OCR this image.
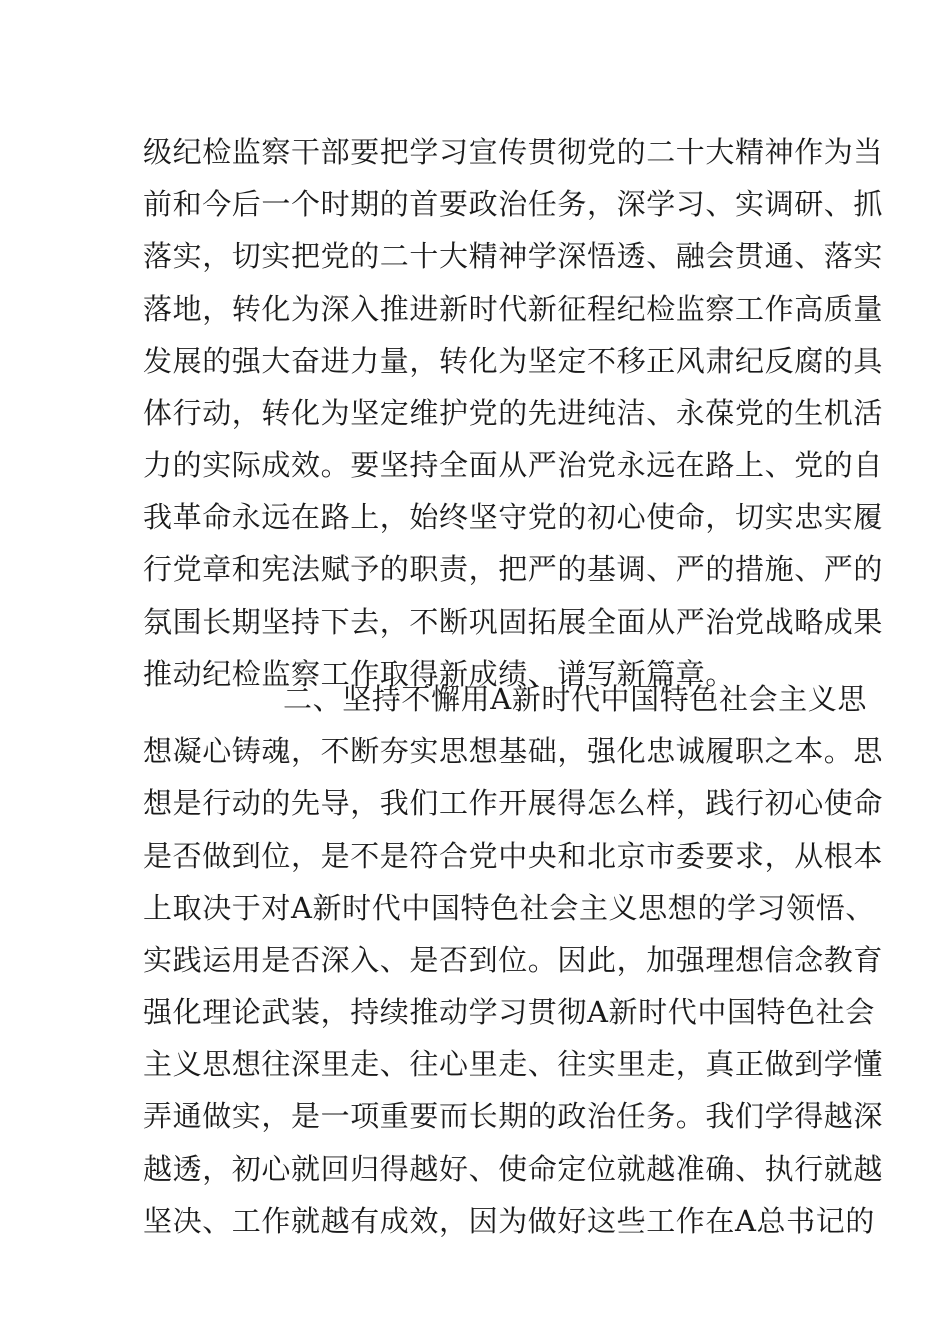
级纪检监察干部要把学习宣传贯彻党的二十大精神作为当
前和今后一个时期的首要政治任务，深学习、实调研、抓
落实，切实把党的二十大精神学深悟透、融会贯通、落实
落地，转化为深入推进新时代新征程纪检监察工作高质量
发展的强大奋进力量，转化为坚定不移正风肃纪反腐的具
体行动，转化为坚定维护党的先进纯洁、永葆党的生机活
力的实际成效。要坚持全面从严治党永远在路上、党的自
我革命永远在路上，始终坚守党的初心使命，切实忠实履
行党章和宪法赋予的职责，把严的基调、严的措施、严的
氛围长期坚持下去，不断巩固拓展全面从严治党战略成果
推动纪检监察工作取得新成绩、谱写新篇章。
二、坚持不懈用A新时代中国特色社会主义思
想凝心铸魂，不断夯实思想基础，强化忠诚履职之本。思
想是行动的先导，我们工作开展得怎么样，践行初心使命
是否做到位，是不是符合党中央和北京市委要求，从根本
上取决于对A新时代中国特色社会主义思想的学习领悟、
实践运用是否深入、是否到位。因此，加强理想信念教育
强化理论武装，持续推动学习贯彻A新时代中国特色社会
主义思想往深里走、往心里走、往实里走，真正做到学懂
弄通做实，是一项重要而长期的政治任务。我们学得越深
越透，初心就回归得越好、使命定位就越准确、执行就越
坚决、工作就越有成效，因为做好这些工作在A总书记的
